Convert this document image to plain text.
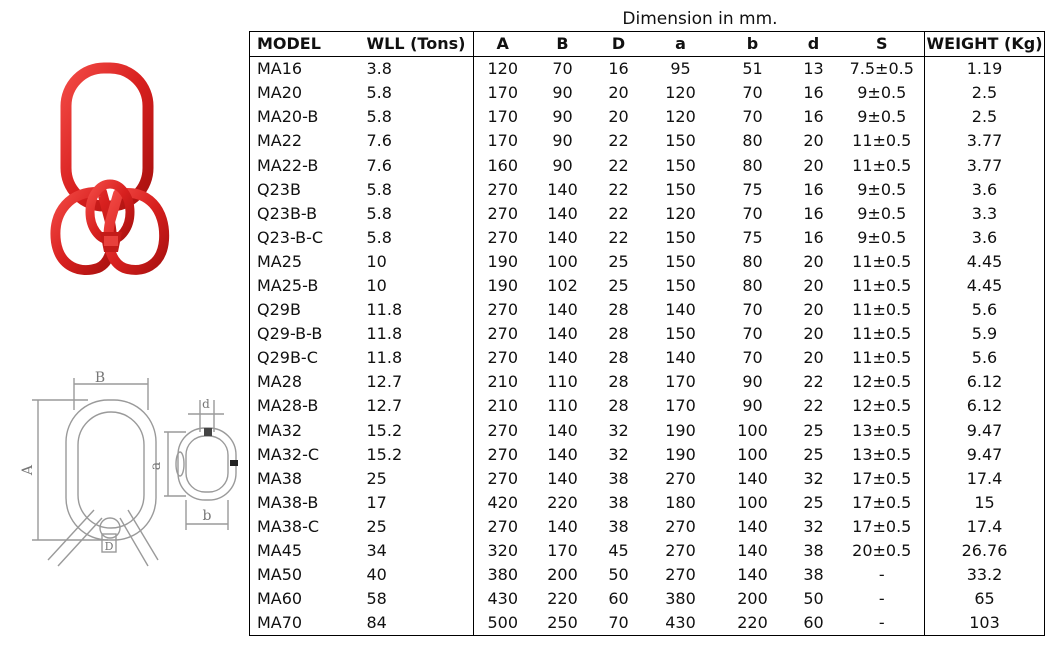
B
A	a
b
d
D
Dimension in mm.
MODEL	WLL (Tons)	A	B	D	a	b	d	S	WEIGHT (Kg)
MA16	3.8	120	70	16	95	51	13	7.5±0.5	1.19
MA20	5.8	170	90	20	120	70	16	9±0.5	2.5
MA20-B	5.8	170	90	20	120	70	16	9±0.5	2.5
MA22	7.6	170	90	22	150	80	20	11±0.5	3.77
MA22-B	7.6	160	90	22	150	80	20	11±0.5	3.77
Q23B	5.8	270	140	22	150	75	16	9±0.5	3.6
Q23B-B	5.8	270	140	22	120	70	16	9±0.5	3.3
Q23-B-C	5.8	270	140	22	150	75	16	9±0.5	3.6
MA25	10	190	100	25	150	80	20	11±0.5	4.45
MA25-B	10	190	102	25	150	80	20	11±0.5	4.45
Q29B	11.8	270	140	28	140	70	20	11±0.5	5.6
Q29-B-B	11.8	270	140	28	150	70	20	11±0.5	5.9
Q29B-C	11.8	270	140	28	140	70	20	11±0.5	5.6
MA28	12.7	210	110	28	170	90	22	12±0.5	6.12
MA28-B	12.7	210	110	28	170	90	22	12±0.5	6.12
MA32	15.2	270	140	32	190	100	25	13±0.5	9.47
MA32-C	15.2	270	140	32	190	100	25	13±0.5	9.47
MA38	25	270	140	38	270	140	32	17±0.5	17.4
MA38-B	17	420	220	38	180	100	25	17±0.5	15
MA38-C	25	270	140	38	270	140	32	17±0.5	17.4
MA45	34	320	170	45	270	140	38	20±0.5	26.76
MA50	40	380	200	50	270	140	38	-	33.2
MA60	58	430	220	60	380	200	50	-	65
MA70	84	500	250	70	430	220	60	-	103
